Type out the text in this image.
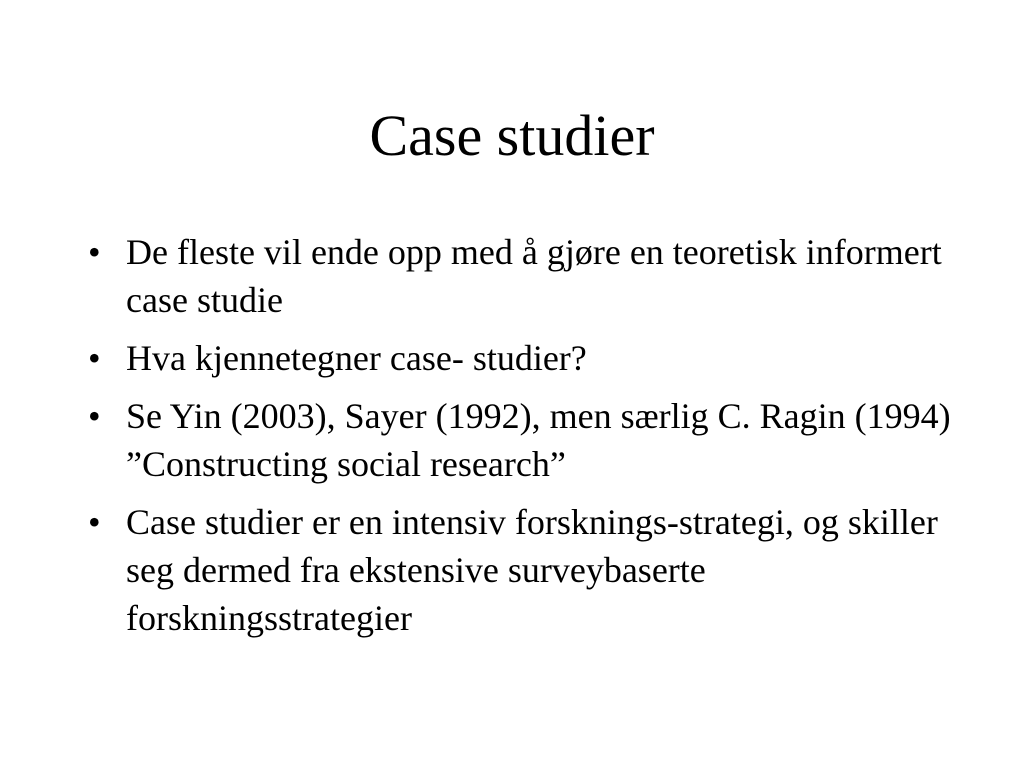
Case studier
• De fleste vil ende opp med å gjøre en teoretisk informert case studie
• Hva kjennetegner case- studier?
• Se Yin (2003), Sayer (1992), men særlig C. Ragin (1994) ”Constructing social research”
• Case studier er en intensiv forsknings-strategi, og skiller seg dermed fra ekstensive surveybaserte forskningsstrategier
